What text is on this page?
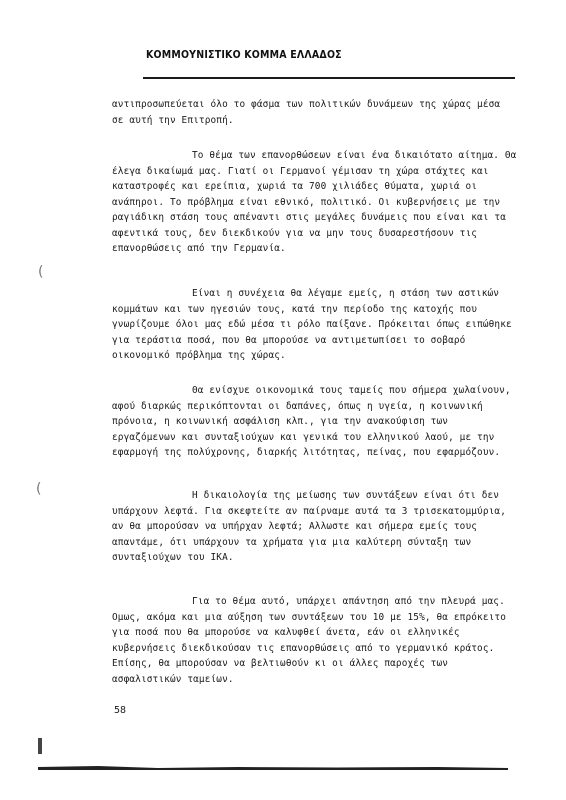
ΚΟΜΜΟΥΝΙΣΤΙΚΟ ΚΟΜΜΑ ΕΛΛΑΔΟΣ
αντιπροσωπεύεται όλο το φάσμα των πολιτικών δυνάμεων της χώρας μέσα
σε αυτή την Επιτροπή.
Το θέμα των επανορθώσεων είναι ένα δικαιότατο αίτημα. Θα
έλεγα δικαίωμά μας. Γιατί οι Γερμανοί γέμισαν τη χώρα στάχτες και
καταστροφές και ερείπια, χωριά τα 700 χιλιάδες θύματα, χωριά οι
ανάπηροι. Το πρόβλημα είναι εθνικό, πολιτικό. Οι κυβερνήσεις με την
ραγιάδικη στάση τους απέναντι στις μεγάλες δυνάμεις που είναι και τα
αφεντικά τους, δεν διεκδικούν για να μην τους δυσαρεστήσουν τις
επανορθώσεις από την Γερμανία.
Είναι η συνέχεια θα λέγαμε εμείς, η στάση των αστικών
κομμάτων και των ηγεσιών τους, κατά την περίοδο της κατοχής που
γνωρίζουμε όλοι μας εδώ μέσα τι ρόλο παίξανε. Πρόκειται όπως ειπώθηκε
για τεράστια ποσά, που θα μπορούσε να αντιμετωπίσει το σοβαρό
οικονομικό πρόβλημα της χώρας.
Θα ενίσχυε οικονομικά τους ταμείς που σήμερα χωλαίνουν,
αφού διαρκώς περικόπτονται οι δαπάνες, όπως η υγεία, η κοινωνική
πρόνοια, η κοινωνική ασφάλιση κλπ., για την ανακούφιση των
εργαζόμενων και συνταξιούχων και γενικά του ελληνικού λαού, με την
εφαρμογή της πολύχρονης, διαρκής λιτότητας, πείνας, που εφαρμόζουν.
Η δικαιολογία της μείωσης των συντάξεων είναι ότι δεν
υπάρχουν λεφτά. Για σκεφτείτε αν παίρναμε αυτά τα 3 τρισεκατομμύρια,
αν θα μπορούσαν να υπήρχαν λεφτά; Αλλωστε και σήμερα εμείς τους
απαντάμε, ότι υπάρχουν τα χρήματα για μια καλύτερη σύνταξη των
συνταξιούχων του ΙΚΑ.
Για το θέμα αυτό, υπάρχει απάντηση από την πλευρά μας.
Ομως, ακόμα και μια αύξηση των συντάξεων του 10 με 15%, θα επρόκειτο
για ποσά που θα μπορούσε να καλυφθεί άνετα, εάν οι ελληνικές
κυβερνήσεις διεκδικούσαν τις επανορθώσεις από το γερμανικό κράτος.
Επίσης, θα μπορούσαν να βελτιωθούν κι οι άλλες παροχές των
ασφαλιστικών ταμείων.
58
(
(
